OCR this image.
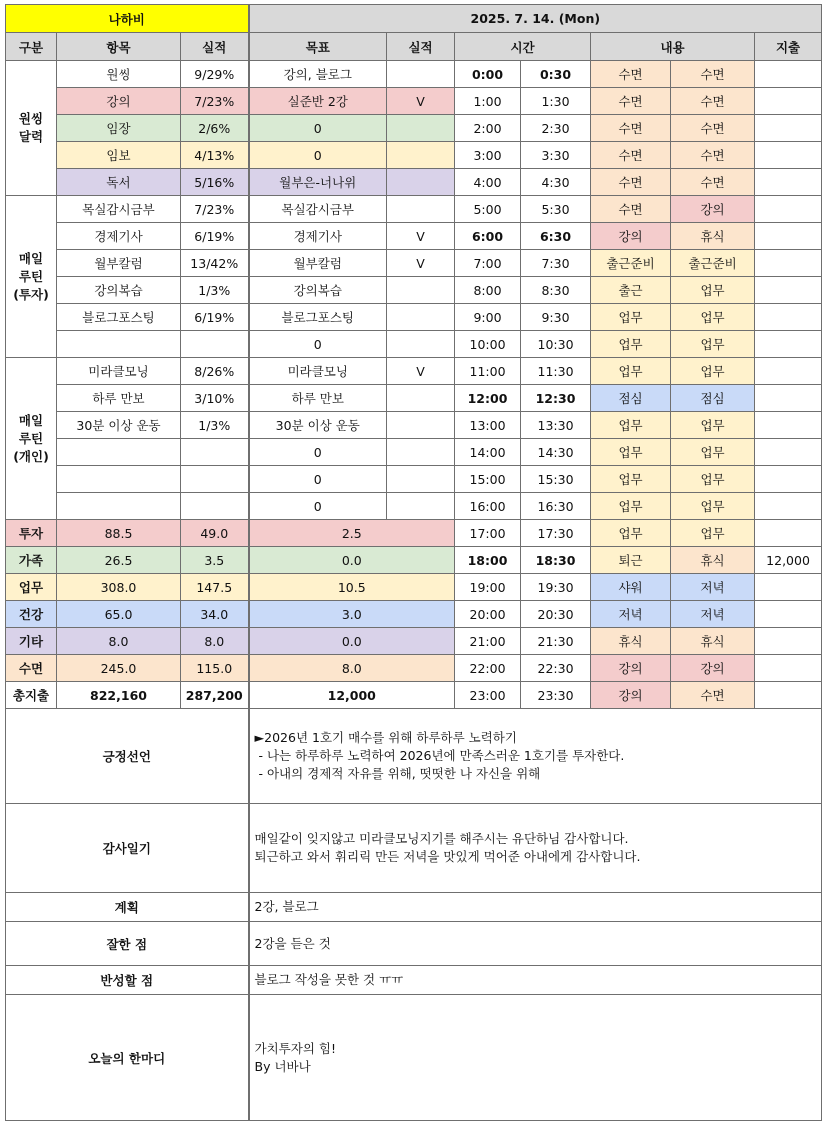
나하비			2025. 7. 14. (Mon)						
구분	항목	실적	목표	실적	시간		내용		지출
원씽
달력	원씽	9/29%	강의, 블로그		0:00	0:30	수면	수면	
	강의	7/23%	실준반 2강	V	1:00	1:30	수면	수면	
	임장	2/6%	0		2:00	2:30	수면	수면	
	임보	4/13%	0		3:00	3:30	수면	수면	
	독서	5/16%	월부은-너나위		4:00	4:30	수면	수면	
매일
루틴
(투자)	목실감시금부	7/23%	목실감시금부		5:00	5:30	수면	강의	
	경제기사	6/19%	경제기사	V	6:00	6:30	강의	휴식	
	월부칼럼	13/42%	월부칼럼	V	7:00	7:30	출근준비	출근준비	
	강의복습	1/3%	강의복습		8:00	8:30	출근	업무	
	블로그포스팅	6/19%	블로그포스팅		9:00	9:30	업무	업무	
			0		10:00	10:30	업무	업무	
매일
루틴
(개인)	미라클모닝	8/26%	미라클모닝	V	11:00	11:30	업무	업무	
	하루 만보	3/10%	하루 만보		12:00	12:30	점심	점심	
	30분 이상 운동	1/3%	30분 이상 운동		13:00	13:30	업무	업무	
			0		14:00	14:30	업무	업무	
			0		15:00	15:30	업무	업무	
			0		16:00	16:30	업무	업무	
투자	88.5	49.0	2.5		17:00	17:30	업무	업무	
가족	26.5	3.5	0.0		18:00	18:30	퇴근	휴식	12,000
업무	308.0	147.5	10.5		19:00	19:30	샤워	저녁	
건강	65.0	34.0	3.0		20:00	20:30	저녁	저녁	
기타	8.0	8.0	0.0		21:00	21:30	휴식	휴식	
수면	245.0	115.0	8.0		22:00	22:30	강의	강의	
총지출	822,160	287,200	12,000		23:00	23:30	강의	수면	
긍정선언			►2026년 1호기 매수를 위해 하루하루 노력하기
- 나는 하루하루 노력하여 2026년에 만족스러운 1호기를 투자한다.
- 아내의 경제적 자유를 위해, 떳떳한 나 자신을 위해						

감사일기			매일같이 잊지않고 미라클모닝지기를 해주시는 유단하님 감사합니다.
퇴근하고 와서 휘리릭 만든 저녁을 맛있게 먹어준 아내에게 감사합니다.						

계획			2강, 블로그						

잘한 점			2강을 듣은 것						

반성할 점			블로그 작성을 못한 것 ㅠㅠ						

오늘의 한마디			가치투자의 힘!
By 너바나						
